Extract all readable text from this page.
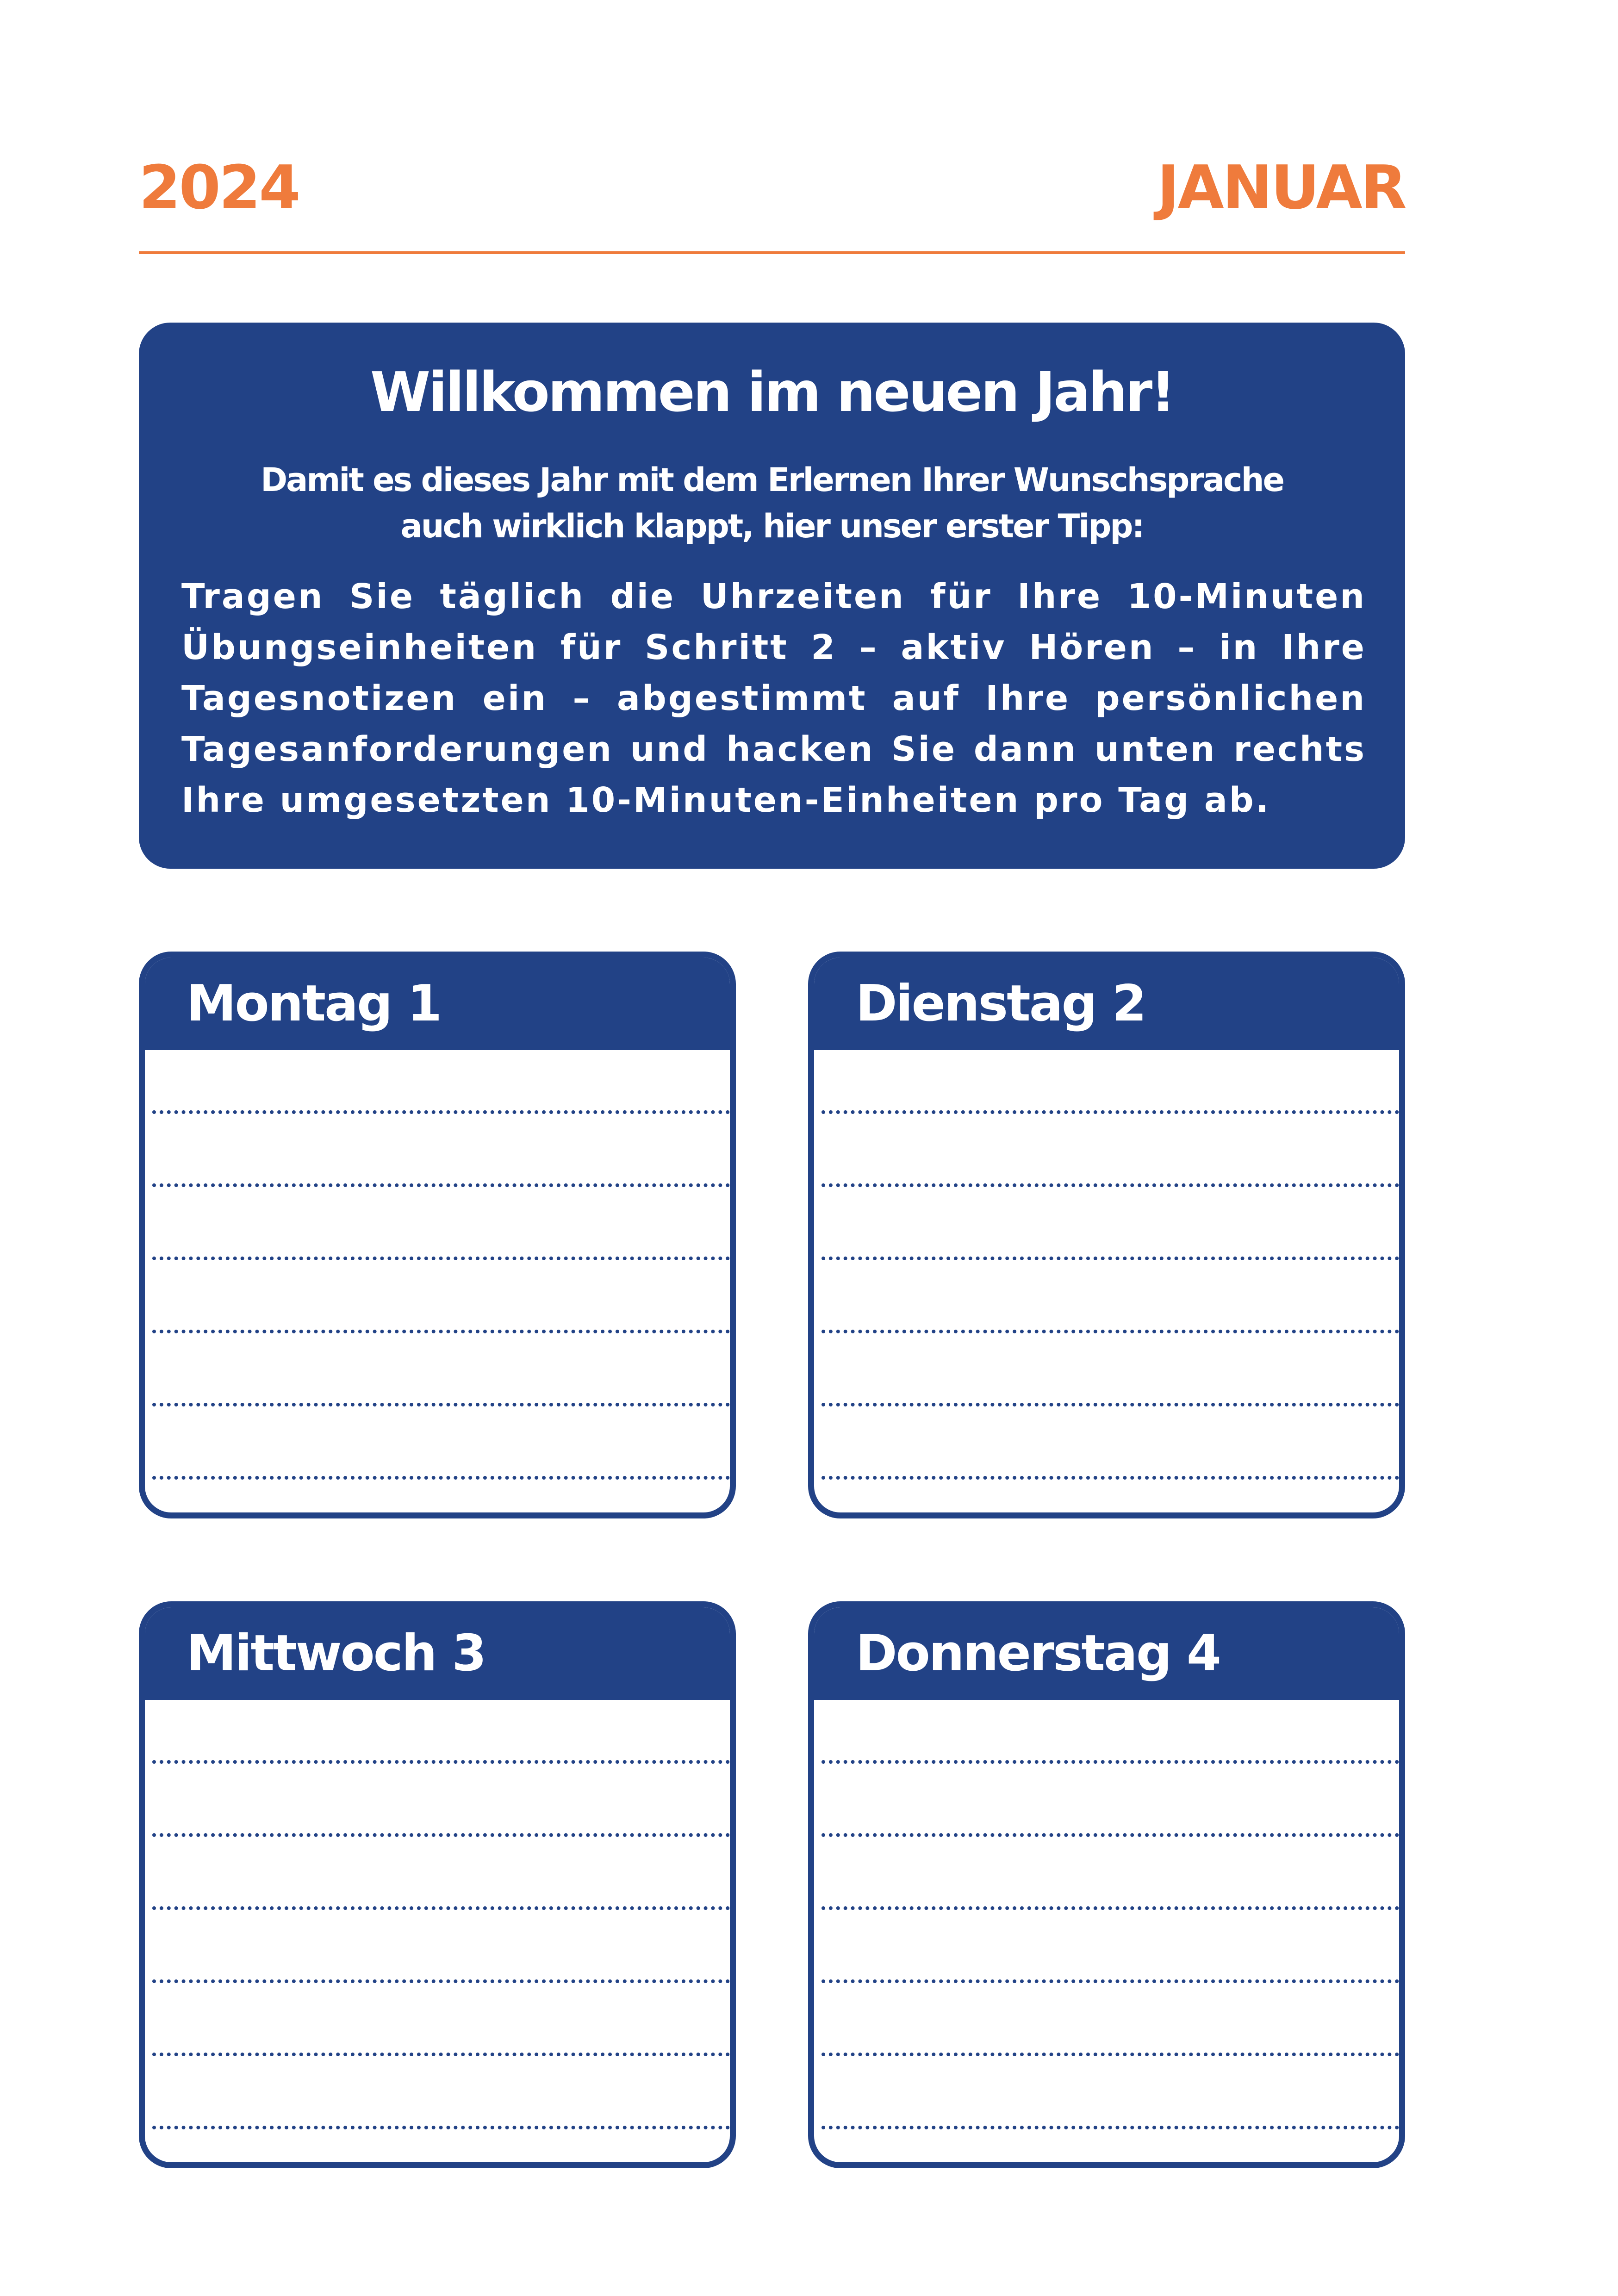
2024	JANUAR
Willkommen im neuen Jahr!
Damit es dieses Jahr mit dem Erlernen Ihrer Wunschsprache
auch wirklich klappt, hier unser erster Tipp:
Tragen Sie täglich die Uhrzeiten für Ihre 10-Minuten Übungseinheiten für Schritt 2 – aktiv Hören – in Ihre Tagesnotizen ein – abgestimmt auf Ihre persönlichen Tagesanforderungen und hacken Sie dann unten rechts Ihre umgesetzten 10-Minuten-Einheiten pro Tag ab.
Montag 1	Dienstag 2
Mittwoch 3	Donnerstag 4
